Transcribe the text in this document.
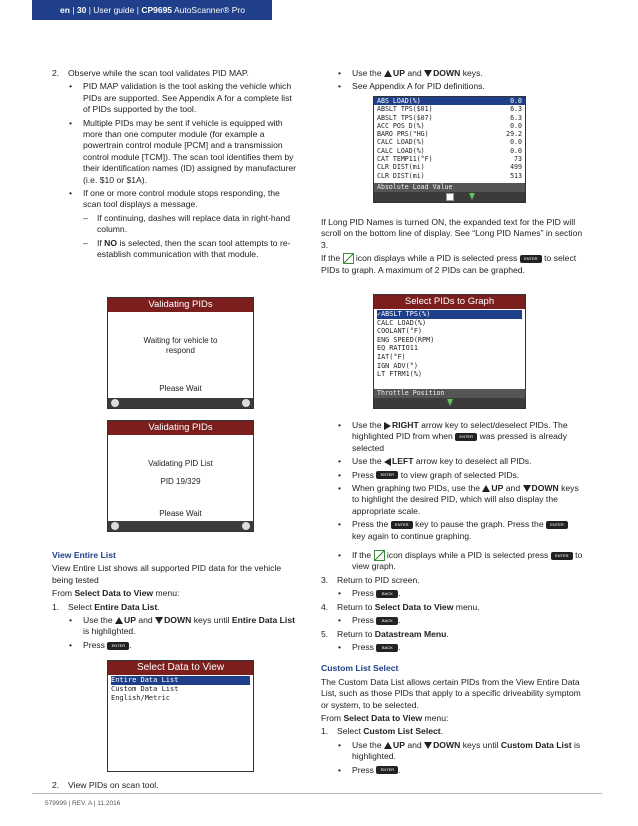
en | 30 | User guide | CP9695 AutoScanner® Pro
2.	Observe while the scan tool validates PID MAP.
•	PID MAP validation is the tool asking the vehicle which PIDs are supported. See Appendix A for a complete list of PIDs supported by the tool.
•	Multiple PIDs may be sent if vehicle is equipped with more than one computer module (for example a powertrain control module [PCM] and a transmission control module [TCM]). The scan tool identifies them by their identification names (ID) assigned by manufacturer (i.e. $10 or $1A).
•	If one or more control module stops responding, the scan tool displays a message.
–	If continuing, dashes will replace data in right-hand column.
–	If NO is selected, then the scan tool attempts to re-establish communication with that module.
Validating PIDs
Waiting for vehicle to respond
Please Wait
Validating PIDs
Validating PID List
PID 19/329
Please Wait
View Entire List
View Entire List shows all supported PID data for the vehicle being tested
From Select Data to View menu:
1.	Select Entire Data List.
•	Use the UP and DOWN keys until Entire Data List is highlighted.
•	Press ENTER .
Select Data to View
Entire Data List
Custom Data List
English/Metric
2.	View PIDs on scan tool.
•	Use the UP and DOWN keys.
•	See Appendix A for PID definitions.
ABS LOAD(%)	0.0
ABSLT TPS($01)	6.3
ABSLT TPS($07)	6.3
ACC POS D(%)	0.0
BARO PRS("HG)	29.2
CALC LOAD(%)	0.0
CALC LOAD(%)	0.0
CAT TEMP11(°F)	73
CLR DIST(mi)	499
CLR DIST(mi)	513
Absolute Load Value
If Long PID Names is turned ON, the expanded text for the PID will scroll on the bottom line of display. See “Long PID Names” in section 3.
If the icon displays while a PID is selected press ENTER to select PIDs to graph. A maximum of 2 PIDs can be graphed.
Select PIDs to Graph
✓ABSLT TPS(%)
CALC LOAD(%)
COOLANT(°F)
ENG SPEED(RPM)
EQ RATIO11
IAT(°F)
IGN ADV(°)
LT FTRM1(%)
Throttle Position
•	Use the RIGHT arrow key to select/deselect PIDs. The highlighted PID from when ENTER was pressed is already selected
•	Use the LEFT arrow key to deselect all PIDs.
•	Press ENTER to view graph of selected PIDs.
•	When graphing two PIDs, use the UP and DOWN keys to highlight the desired PID, which will also display the appropriate scale.
•	Press the ENTER key to pause the graph. Press the ENTER key again to continue graphing.
•	If the icon displays while a PID is selected press ENTER to view graph.
3.	Return to PID screen.
•	Press BACK .
4.	Return to Select Data to View menu.
•	Press BACK .
5.	Return to Datastream Menu.
•	Press BACK .
Custom List Select
The Custom Data List allows certain PIDs from the View Entire Data List, such as those PIDs that apply to a specific driveability symptom or system, to be selected.
From Select Data to View menu:
1.	Select Custom List Select.
•	Use the UP and DOWN keys until Custom Data List is highlighted.
•	Press ENTER .
579999 | REV. A | 11.2016
